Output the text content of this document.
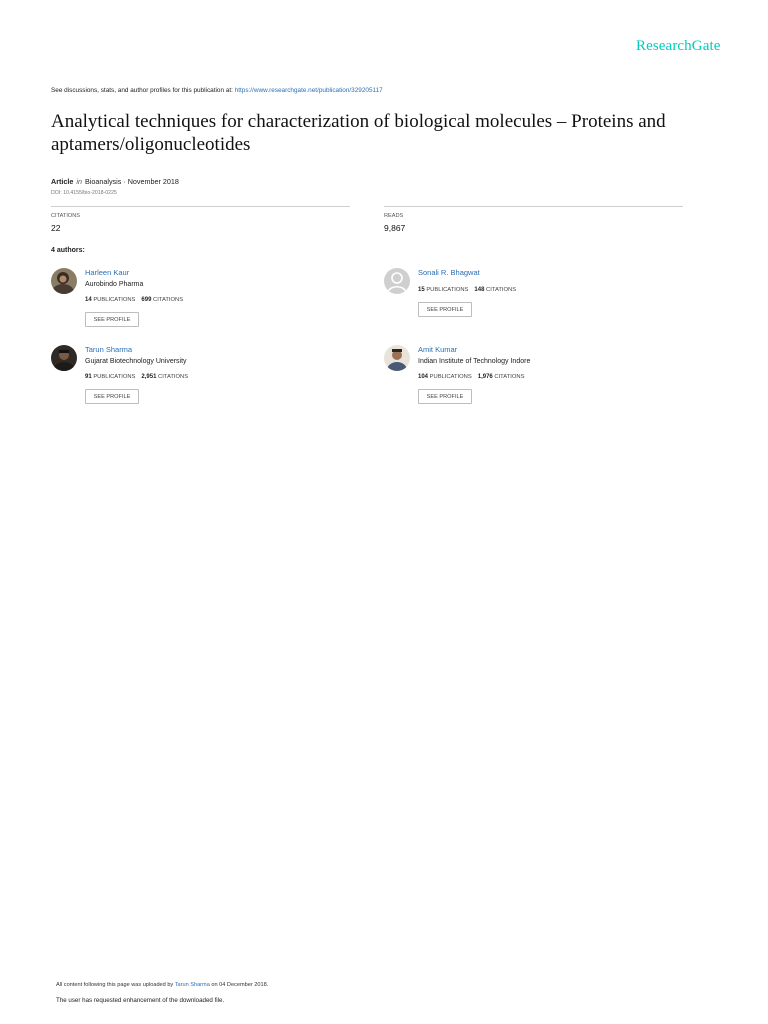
ResearchGate
See discussions, stats, and author profiles for this publication at: https://www.researchgate.net/publication/329205117
Analytical techniques for characterization of biological molecules – Proteins and aptamers/oligonucleotides
Article in Bioanalysis · November 2018
DOI: 10.4155/bio-2018-0225
CITATIONS
22
READS
9,867
4 authors:
Harleen Kaur
Aurobindo Pharma
14 PUBLICATIONS 699 CITATIONS
SEE PROFILE
Sonali R. Bhagwat
15 PUBLICATIONS 148 CITATIONS
SEE PROFILE
Tarun Sharma
Gujarat Biotechnology University
91 PUBLICATIONS 2,951 CITATIONS
SEE PROFILE
Amit Kumar
Indian Institute of Technology Indore
104 PUBLICATIONS 1,976 CITATIONS
SEE PROFILE
All content following this page was uploaded by Tarun Sharma on 04 December 2018.
The user has requested enhancement of the downloaded file.
